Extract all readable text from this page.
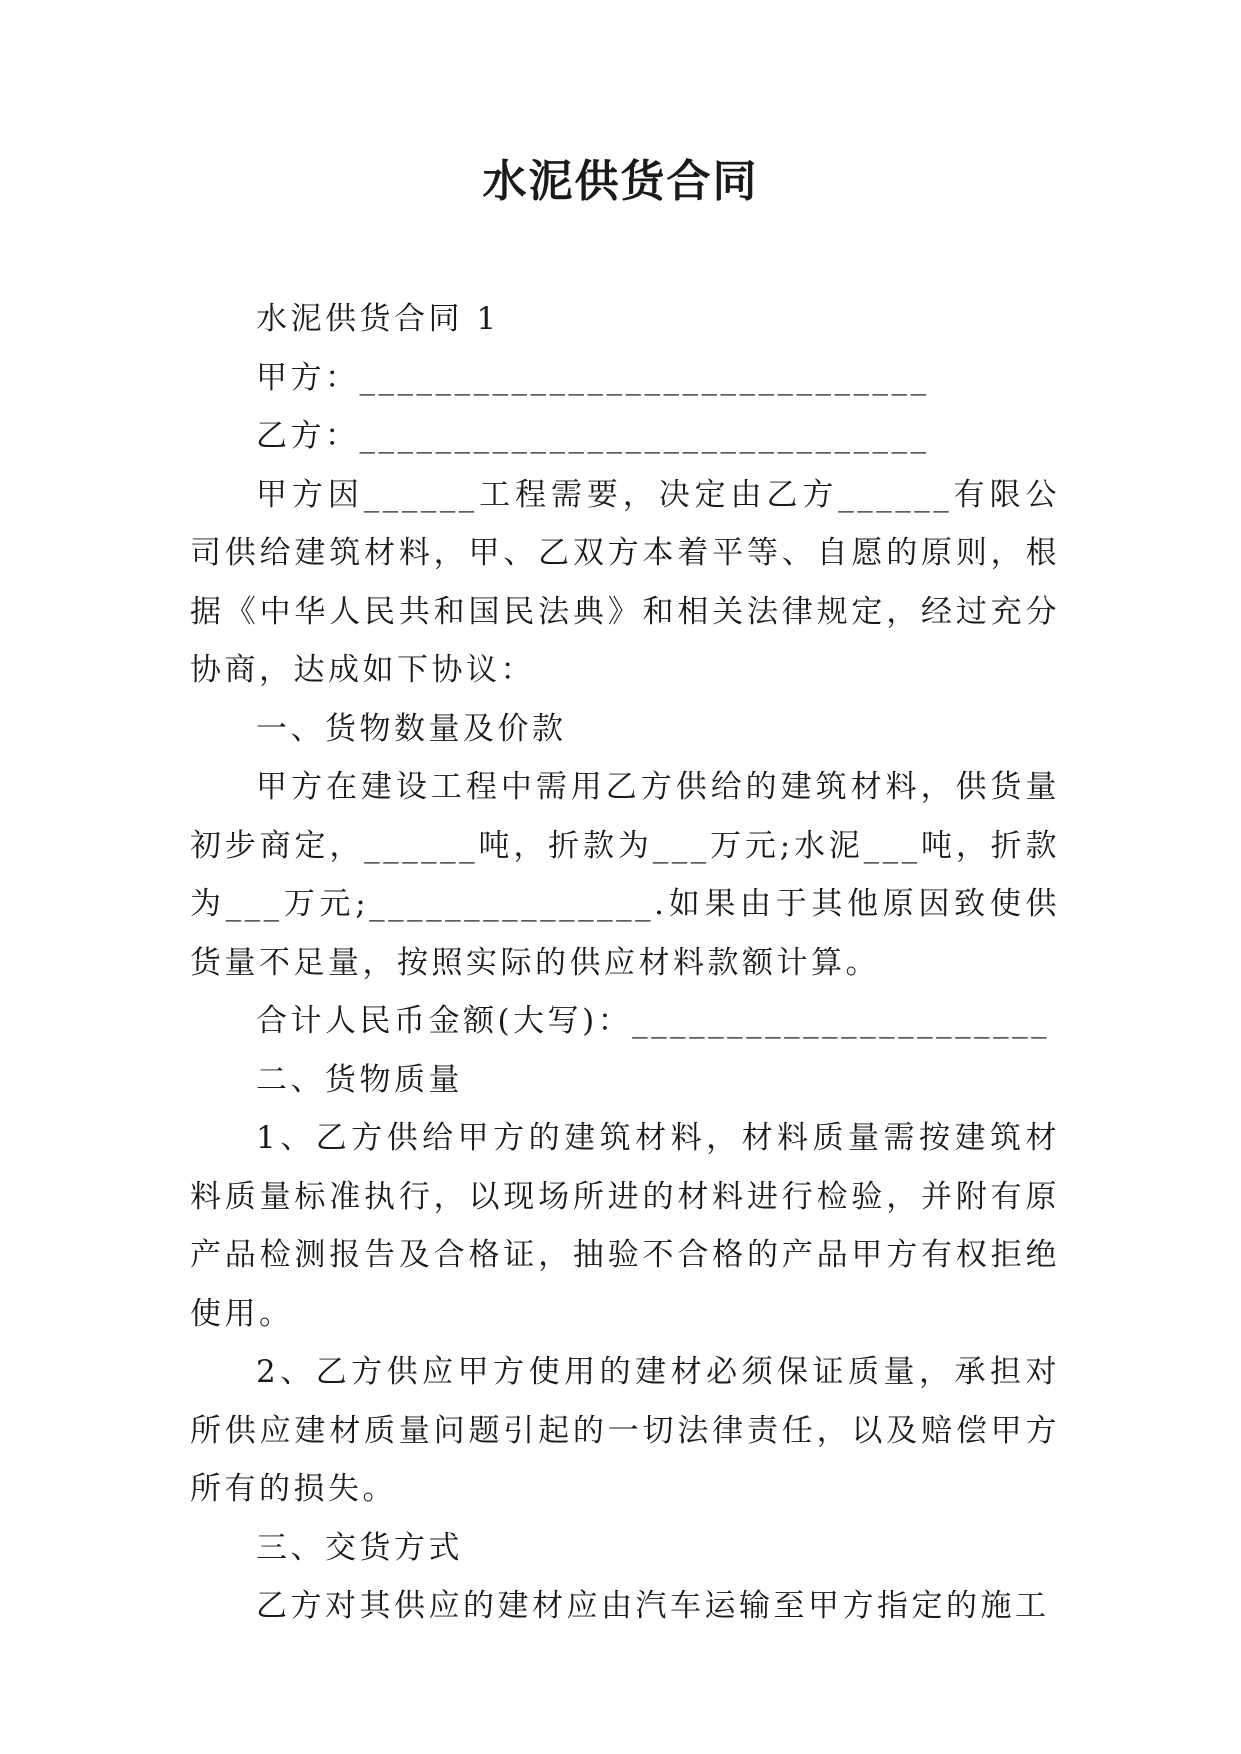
水泥供货合同

水泥供货合同 1

甲方：______________________________

乙方：______________________________

甲方因______工程需要，决定由乙方______有限公司供给建筑材料，甲、乙双方本着平等、自愿的原则，根据《中华人民共和国民法典》和相关法律规定，经过充分协商，达成如下协议：

一、货物数量及价款

甲方在建设工程中需用乙方供给的建筑材料，供货量初步商定，______吨，折款为___万元;水泥___吨，折款为___万元;_______________.如果由于其他原因致使供货量不足量，按照实际的供应材料款额计算。

合计人民币金额(大写)：______________________

二、货物质量

1、乙方供给甲方的建筑材料，材料质量需按建筑材料质量标准执行，以现场所进的材料进行检验，并附有原产品检测报告及合格证，抽验不合格的产品甲方有权拒绝使用。

2、乙方供应甲方使用的建材必须保证质量，承担对所供应建材质量问题引起的一切法律责任，以及赔偿甲方所有的损失。

三、交货方式

乙方对其供应的建材应由汽车运输至甲方指定的施工
